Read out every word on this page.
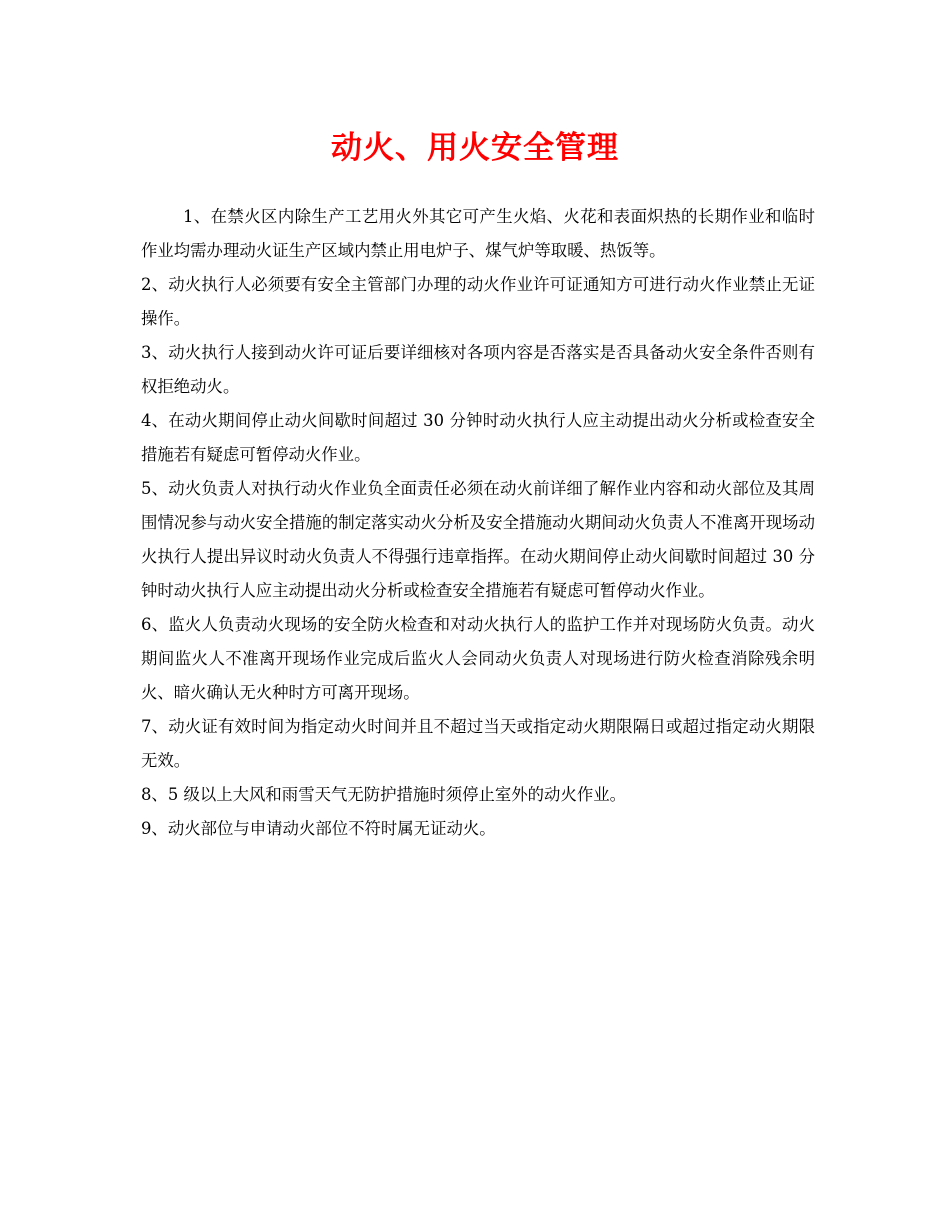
动火、用火安全管理

1、在禁火区内除生产工艺用火外其它可产生火焰、火花和表面炽热的长期作业和临时作业均需办理动火证生产区域内禁止用电炉子、煤气炉等取暖、热饭等。

2、动火执行人必须要有安全主管部门办理的动火作业许可证通知方可进行动火作业禁止无证操作。

3、动火执行人接到动火许可证后要详细核对各项内容是否落实是否具备动火安全条件否则有权拒绝动火。

4、在动火期间停止动火间歇时间超过 30 分钟时动火执行人应主动提出动火分析或检查安全措施若有疑虑可暂停动火作业。

5、动火负责人对执行动火作业负全面责任必须在动火前详细了解作业内容和动火部位及其周围情况参与动火安全措施的制定落实动火分析及安全措施动火期间动火负责人不准离开现场动火执行人提出异议时动火负责人不得强行违章指挥。在动火期间停止动火间歇时间超过 30 分钟时动火执行人应主动提出动火分析或检查安全措施若有疑虑可暂停动火作业。

6、监火人负责动火现场的安全防火检查和对动火执行人的监护工作并对现场防火负责。动火期间监火人不准离开现场作业完成后监火人会同动火负责人对现场进行防火检查消除残余明火、暗火确认无火种时方可离开现场。

7、动火证有效时间为指定动火时间并且不超过当天或指定动火期限隔日或超过指定动火期限无效。

8、5 级以上大风和雨雪天气无防护措施时须停止室外的动火作业。

9、动火部位与申请动火部位不符时属无证动火。
